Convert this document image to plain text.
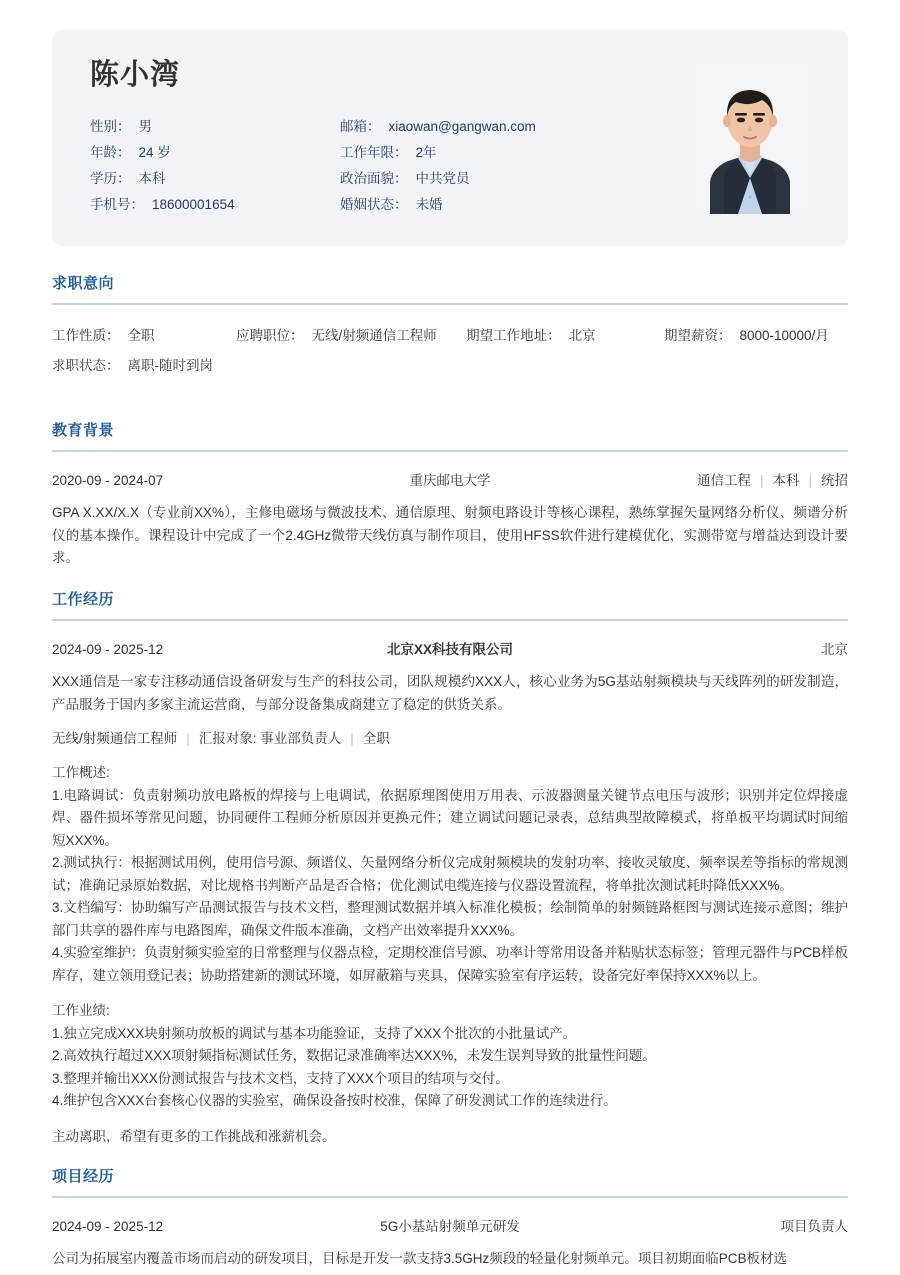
陈小湾
性别： 男
年龄： 24 岁
学历： 本科
手机号： 18600001654
邮箱： xiaowan@gangwan.com
工作年限： 2年
政治面貌： 中共党员
婚姻状态： 未婚
求职意向
工作性质： 全职	应聘职位： 无线/射频通信工程师 期望工作地址： 北京	期望薪资： 8000-10000/月
求职状态： 离职-随时到岗
教育背景
2020-09 - 2024-07	重庆邮电大学	通信工程 | 本科 | 统招
GPA X.XX/X.X（专业前XX%），主修电磁场与微波技术、通信原理、射频电路设计等核心课程，熟练掌握矢量网络分析仪、频谱分析仪的基本操作。课程设计中完成了一个2.4GHz微带天线仿真与制作项目，使用HFSS软件进行建模优化，实测带宽与增益达到设计要求。
工作经历
2024-09 - 2025-12	北京XX科技有限公司	北京
XXX通信是一家专注移动通信设备研发与生产的科技公司，团队规模约XXX人，核心业务为5G基站射频模块与天线阵列的研发制造，产品服务于国内多家主流运营商，与部分设备集成商建立了稳定的供货关系。
无线/射频通信工程师 | 汇报对象: 事业部负责人 | 全职

工作概述:

1.电路调试：负责射频功放电路板的焊接与上电调试，依据原理图使用万用表、示波器测量关键节点电压与波形；识别并定位焊接虚焊、器件损坏等常见问题，协同硬件工程师分析原因并更换元件；建立调试问题记录表，总结典型故障模式，将单板平均调试时间缩短XXX%。

2.测试执行：根据测试用例，使用信号源、频谱仪、矢量网络分析仪完成射频模块的发射功率、接收灵敏度、频率误差等指标的常规测试；准确记录原始数据，对比规格书判断产品是否合格；优化测试电缆连接与仪器设置流程，将单批次测试耗时降低XXX%。

3.文档编写：协助编写产品测试报告与技术文档，整理测试数据并填入标准化模板；绘制简单的射频链路框图与测试连接示意图；维护部门共享的器件库与电路图库，确保文件版本准确，文档产出效率提升XXX%。

4.实验室维护：负责射频实验室的日常整理与仪器点检，定期校准信号源、功率计等常用设备并粘贴状态标签；管理元器件与PCB样板库存，建立领用登记表；协助搭建新的测试环境，如屏蔽箱与夹具，保障实验室有序运转，设备完好率保持XXX%以上。

工作业绩:

1.独立完成XXX块射频功放板的调试与基本功能验证，支持了XXX个批次的小批量试产。

2.高效执行超过XXX项射频指标测试任务，数据记录准确率达XXX%，未发生误判导致的批量性问题。

3.整理并输出XXX份测试报告与技术文档，支持了XXX个项目的结项与交付。

4.维护包含XXX台套核心仪器的实验室，确保设备按时校准，保障了研发测试工作的连续进行。

主动离职，希望有更多的工作挑战和涨薪机会。
项目经历
2024-09 - 2025-12	5G小基站射频单元研发	项目负责人
公司为拓展室内覆盖市场而启动的研发项目，目标是开发一款支持3.5GHz频段的轻量化射频单元。项目初期面临PCB板材选
